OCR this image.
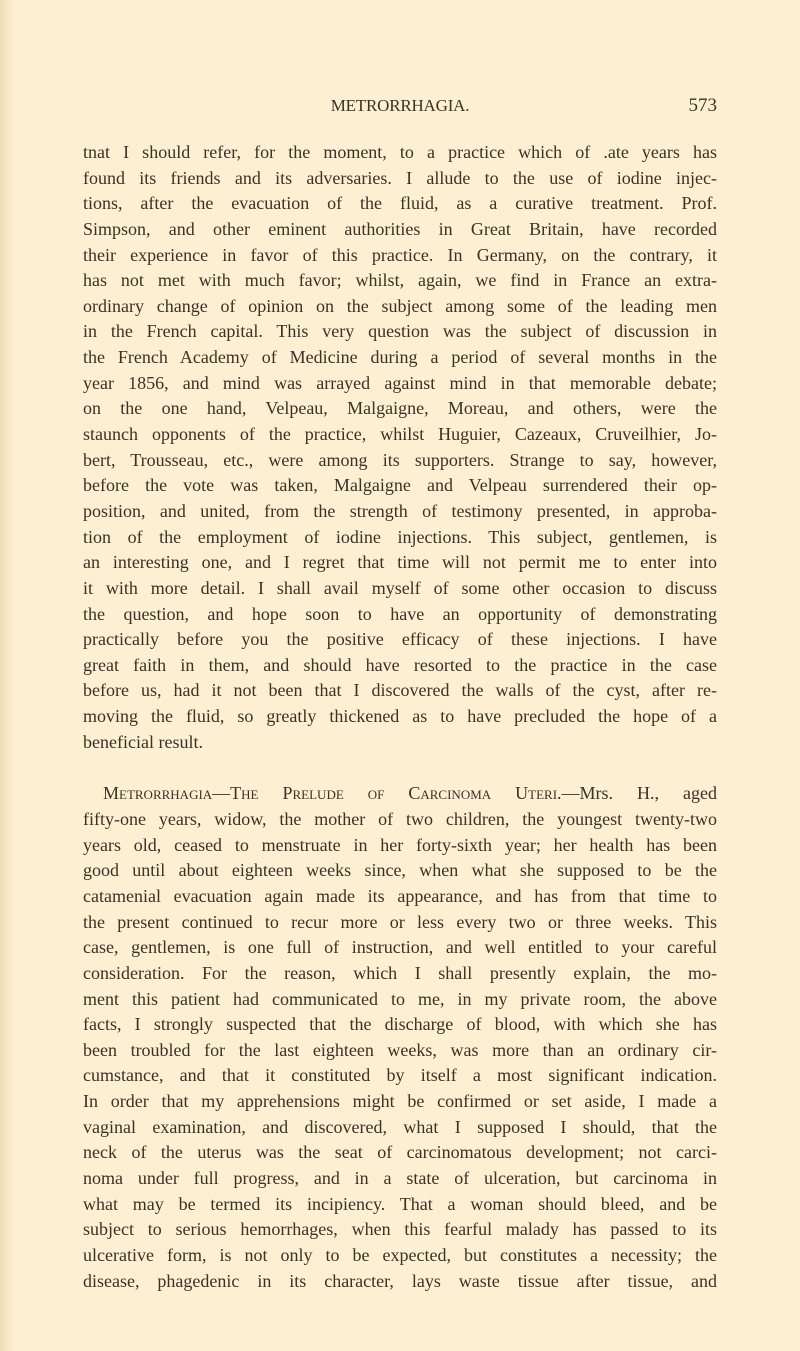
METRORRHAGIA.	573
tnat I should refer, for the moment, to a practice which of .ate years has
found its friends and its adversaries. I allude to the use of iodine injec-
tions, after the evacuation of the fluid, as a curative treatment. Prof.
Simpson, and other eminent authorities in Great Britain, have recorded
their experience in favor of this practice. In Germany, on the contrary, it
has not met with much favor; whilst, again, we find in France an extra-
ordinary change of opinion on the subject among some of the leading men
in the French capital. This very question was the subject of discussion in
the French Academy of Medicine during a period of several months in the
year 1856, and mind was arrayed against mind in that memorable debate;
on the one hand, Velpeau, Malgaigne, Moreau, and others, were the
staunch opponents of the practice, whilst Huguier, Cazeaux, Cruveilhier, Jo-
bert, Trousseau, etc., were among its supporters. Strange to say, however,
before the vote was taken, Malgaigne and Velpeau surrendered their op-
position, and united, from the strength of testimony presented, in approba-
tion of the employment of iodine injections. This subject, gentlemen, is
an interesting one, and I regret that time will not permit me to enter into
it with more detail. I shall avail myself of some other occasion to discuss
the question, and hope soon to have an opportunity of demonstrating
practically before you the positive efficacy of these injections. I have
great faith in them, and should have resorted to the practice in the case
before us, had it not been that I discovered the walls of the cyst, after re-
moving the fluid, so greatly thickened as to have precluded the hope of a
beneficial result.
Metrorrhagia—The Prelude of Carcinoma Uteri.—Mrs. H., aged
fifty-one years, widow, the mother of two children, the youngest twenty-two
years old, ceased to menstruate in her forty-sixth year; her health has been
good until about eighteen weeks since, when what she supposed to be the
catamenial evacuation again made its appearance, and has from that time to
the present continued to recur more or less every two or three weeks. This
case, gentlemen, is one full of instruction, and well entitled to your careful
consideration. For the reason, which I shall presently explain, the mo-
ment this patient had communicated to me, in my private room, the above
facts, I strongly suspected that the discharge of blood, with which she has
been troubled for the last eighteen weeks, was more than an ordinary cir-
cumstance, and that it constituted by itself a most significant indication.
In order that my apprehensions might be confirmed or set aside, I made a
vaginal examination, and discovered, what I supposed I should, that the
neck of the uterus was the seat of carcinomatous development; not carci-
noma under full progress, and in a state of ulceration, but carcinoma in
what may be termed its incipiency. That a woman should bleed, and be
subject to serious hemorrhages, when this fearful malady has passed to its
ulcerative form, is not only to be expected, but constitutes a necessity; the
disease, phagedenic in its character, lays waste tissue after tissue, and
